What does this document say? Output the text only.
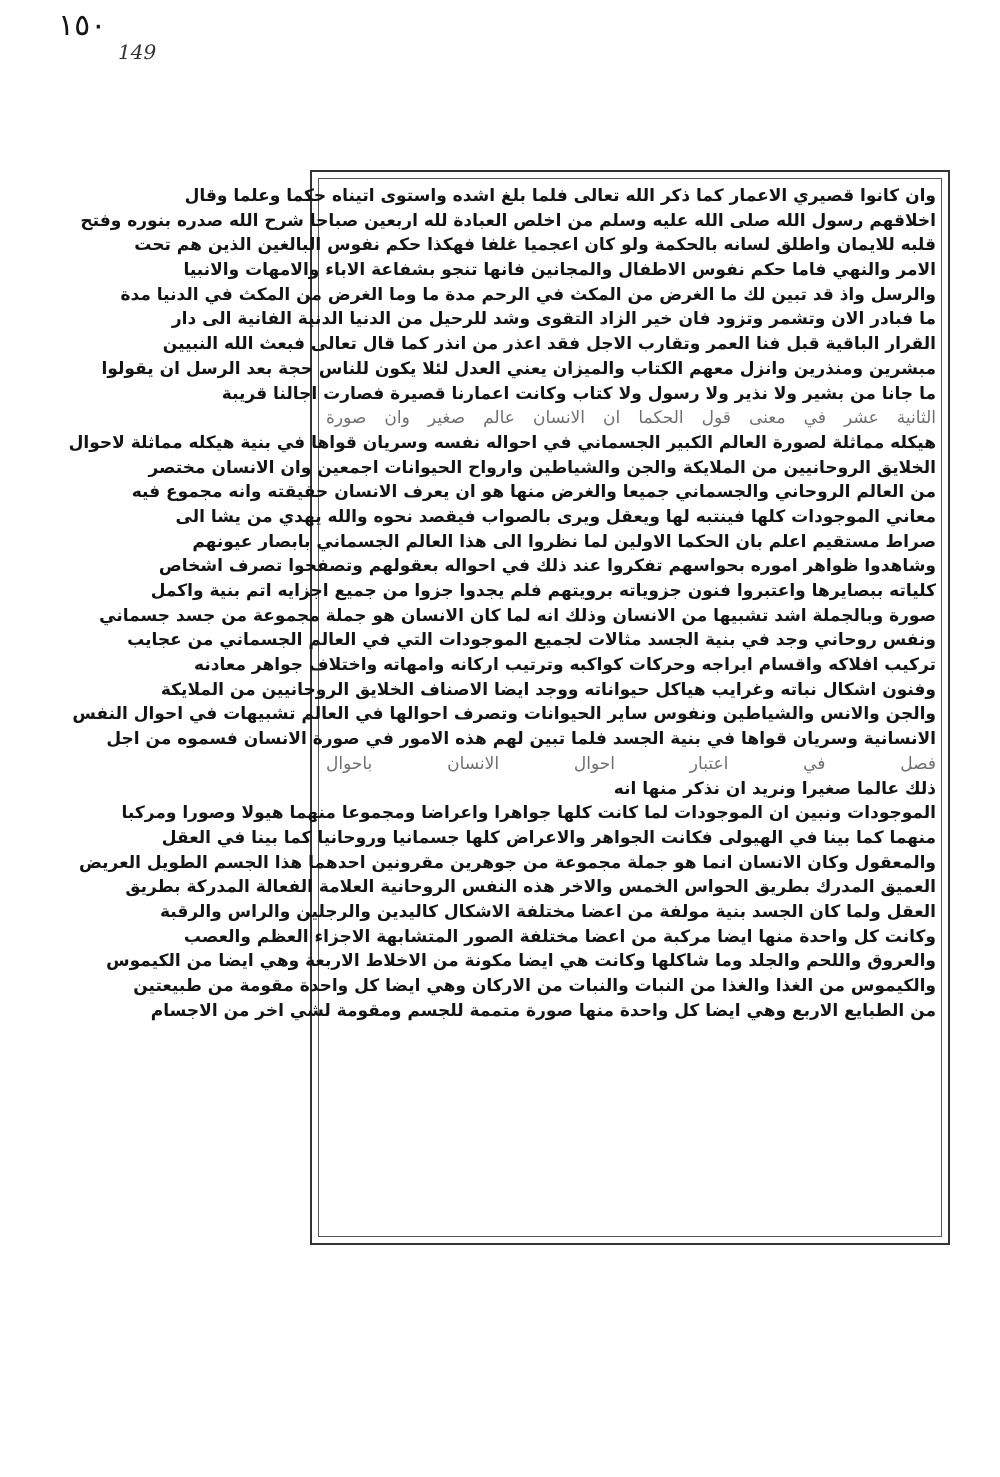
١٥٠
149
وان كانوا قصيري الاعمار كما ذكر الله تعالى فلما بلغ اشده واستوى اتيناه حكما وعلما وقال
اخلاقهم رسول الله صلى الله عليه وسلم من اخلص العبادة لله اربعين صباحا شرح الله صدره بنوره وفتح
قلبه للايمان واطلق لسانه بالحكمة ولو كان اعجميا غلفا فهكذا حكم نفوس البالغين الذين هم تحت
الامر والنهي فاما حكم نفوس الاطفال والمجانين فانها تنجو بشفاعة الاباء والامهات والانبيا
والرسل واذ قد تبين لك ما الغرض من المكث في الرحم مدة ما وما الغرض من المكث في الدنيا مدة
ما فبادر الان وتشمر وتزود فان خير الزاد التقوى وشد للرحيل من الدنيا الدنية الفانية الى دار
القرار الباقية قبل فنا العمر وتقارب الاجل فقد اعذر من انذر كما قال تعالى فبعث الله النبيين
مبشرين ومنذرين وانزل معهم الكتاب والميزان يعني العدل لئلا يكون للناس حجة بعد الرسل ان يقولوا
ما جانا من بشير ولا نذير ولا رسول ولا كتاب وكانت اعمارنا قصيرة فصارت اجالنا قريبة
الثانية عشر في معنى قول الحكما ان الانسان عالم صغير وان صورة
هيكله مماثلة لصورة العالم الكبير الجسماني في احواله نفسه وسريان قواها في بنية هيكله مماثلة لاحوال
الخلايق الروحانيين من الملايكة والجن والشياطين وارواح الحيوانات اجمعين وان الانسان مختصر
من العالم الروحاني والجسماني جميعا والغرض منها هو ان يعرف الانسان حقيقته وانه مجموع فيه
معاني الموجودات كلها فينتبه لها ويعقل ويرى بالصواب فيقصد نحوه والله يهدي من يشا الى
صراط مستقيم اعلم بان الحكما الاولين لما نظروا الى هذا العالم الجسماني بابصار عيونهم
وشاهدوا ظواهر اموره بحواسهم تفكروا عند ذلك في احواله بعقولهم وتصفحوا تصرف اشخاص
كلياته ببصايرها واعتبروا فنون جزوياته برويتهم فلم يجدوا جزوا من جميع اجزايه اتم بنية واكمل
صورة وبالجملة اشد تشبيها من الانسان وذلك انه لما كان الانسان هو جملة مجموعة من جسد جسماني
ونفس روحاني وجد في بنية الجسد مثالات لجميع الموجودات التي في العالم الجسماني من عجايب
تركيب افلاكه واقسام ابراجه وحركات كواكبه وترتيب اركانه وامهاته واختلاف جواهر معادنه
وفنون اشكال نباته وغرايب هياكل حيواناته ووجد ايضا الاصناف الخلايق الروحانيين من الملايكة
والجن والانس والشياطين ونفوس ساير الحيوانات وتصرف احوالها في العالم تشبيهات في احوال النفس
الانسانية وسريان قواها في بنية الجسد فلما تبين لهم هذه الامور في صورة الانسان فسموه من اجل
فصل في اعتبار احوال الانسان باحوال
ذلك عالما صغيرا ونريد ان نذكر منها انه
الموجودات ونبين ان الموجودات لما كانت كلها جواهرا واعراضا ومجموعا منهما هيولا وصورا ومركبا
منهما كما بينا في الهيولى فكانت الجواهر والاعراض كلها جسمانيا وروحانيا كما بينا في العقل
والمعقول وكان الانسان انما هو جملة مجموعة من جوهرين مقرونين احدهما هذا الجسم الطويل العريض
العميق المدرك بطريق الحواس الخمس والاخر هذه النفس الروحانية العلامة الفعالة المدركة بطريق
العقل ولما كان الجسد بنية مولفة من اعضا مختلفة الاشكال كاليدين والرجلين والراس والرقبة
وكانت كل واحدة منها ايضا مركبة من اعضا مختلفة الصور المتشابهة الاجزاء العظم والعصب
والعروق واللحم والجلد وما شاكلها وكانت هي ايضا مكونة من الاخلاط الاربعة وهي ايضا من الكيموس
والكيموس من الغذا والغذا من النبات والنبات من الاركان وهي ايضا كل واحدة مقومة من طبيعتين
من الطبايع الاربع وهي ايضا كل واحدة منها صورة متممة للجسم ومقومة لشي اخر من الاجسام
